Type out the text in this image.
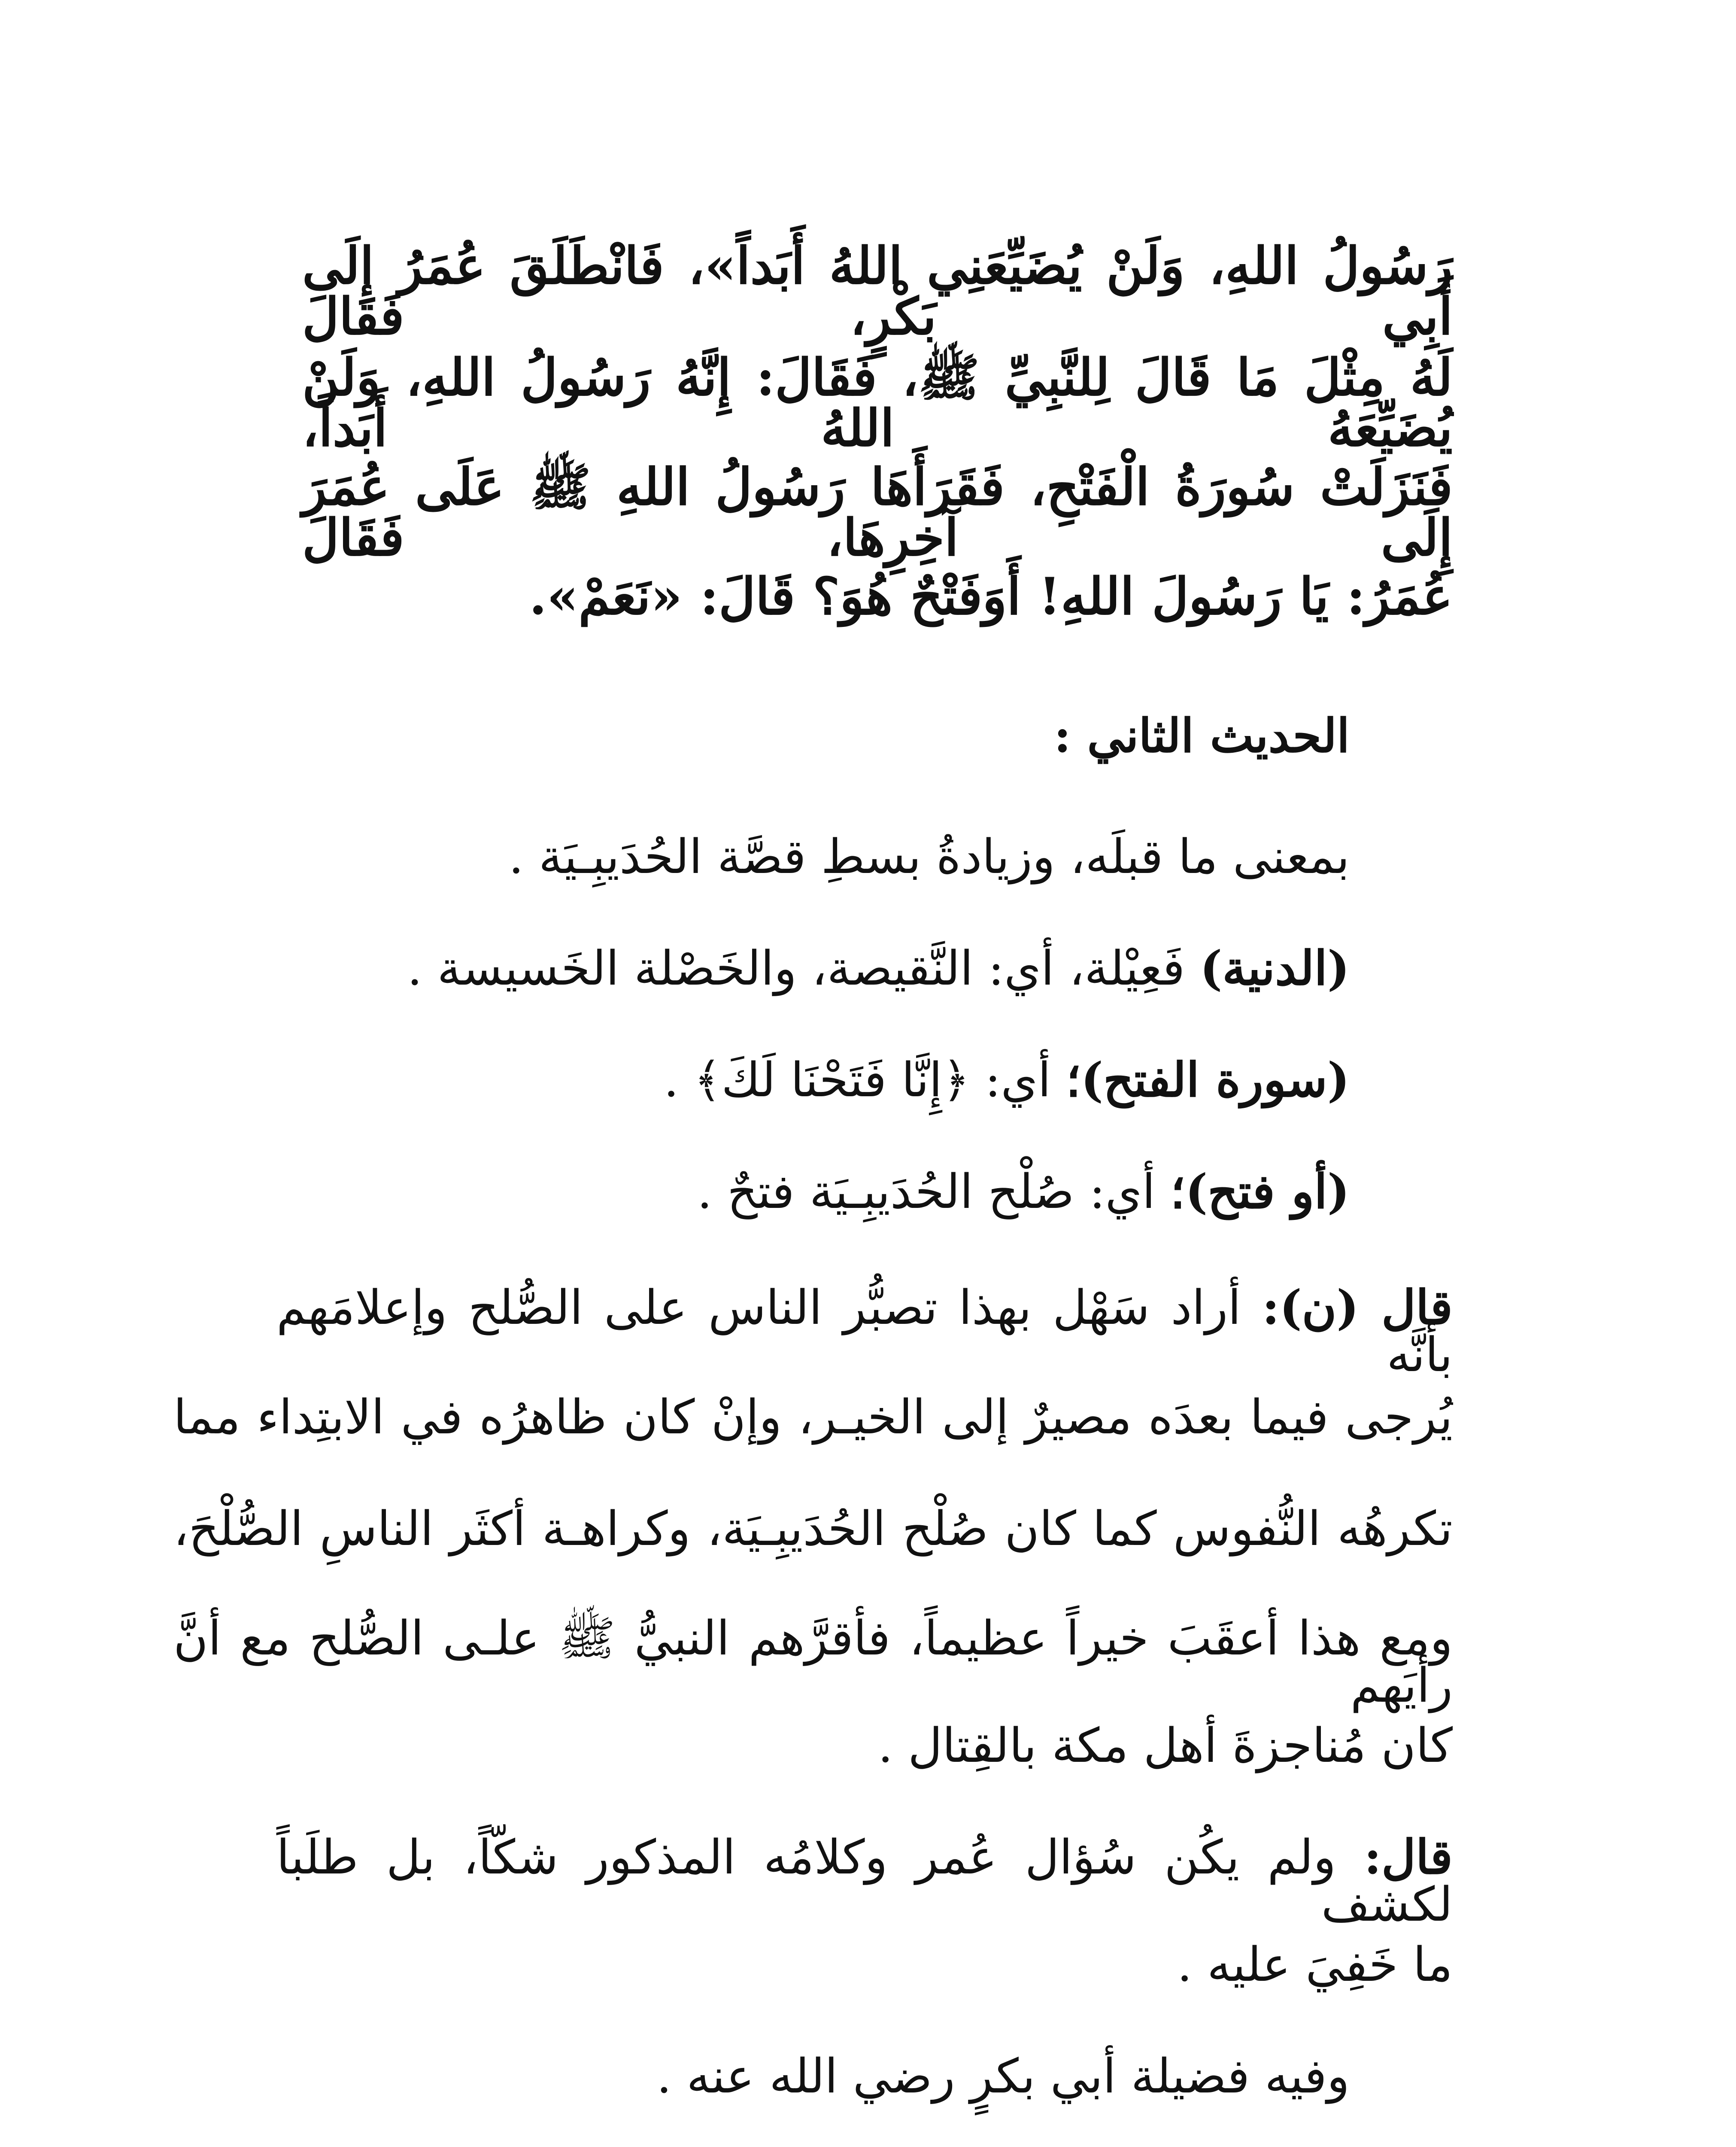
رَسُولُ اللهِ، وَلَنْ يُضَيِّعَنِي اللهُ أَبَداً»، فَانْطَلَقَ عُمَرُ إِلَى أَبِي بَكْرٍ، فَقَالَ

لَهُ مِثْلَ مَا قَالَ لِلنَّبِيِّ ﷺ، فَقَالَ: إِنَّهُ رَسُولُ اللهِ، وَلَنْ يُضَيِّعَهُ اللهُ أَبَداً،

فَنَزَلَتْ سُورَةُ الْفَتْحِ، فَقَرَأَهَا رَسُولُ اللهِ ﷺ عَلَى عُمَرَ إِلَى آخِرِهَا، فَقَالَ

عُمَرُ: يَا رَسُولَ اللهِ! أَوَفَتْحٌ هُوَ؟ قَالَ: «نَعَمْ».

الحديث الثاني :

بمعنى ما قبلَه، وزيادةُ بسطِ قصَّة الحُدَيبِـيَة .

(الدنية) فَعِيْلة، أي: النَّقيصة، والخَصْلة الخَسيسة .

(سورة الفتح)؛ أي: ﴿إِنَّا فَتَحْنَا لَكَ﴾ .

(أو فتح)؛ أي: صُلْح الحُدَيبِـيَة فتحٌ .

قال (ن): أراد سَهْل بهذا تصبُّر الناس على الصُّلح وإعلامَهم بأنَّه

يُرجى فيما بعدَه مصيرٌ إلى الخيـر، وإنْ كان ظاهرُه في الابتِداء مما

تكرهُه النُّفوس كما كان صُلْح الحُدَيبِـيَة، وكراهـة أكثَر الناسِ الصُّلْحَ،

ومع هذا أعقَبَ خيراً عظيماً، فأقرَّهم النبيُّ ﷺ علـى الصُّلح مع أنَّ رأيَهم

كان مُناجزةَ أهل مكة بالقِتال .

قال: ولم يكُن سُؤال عُمر وكلامُه المذكور شكّاً، بل طلَباً لكشف

ما خَفِيَ عليه .

وفيه فضيلة أبي بكرٍ رضي الله عنه .
